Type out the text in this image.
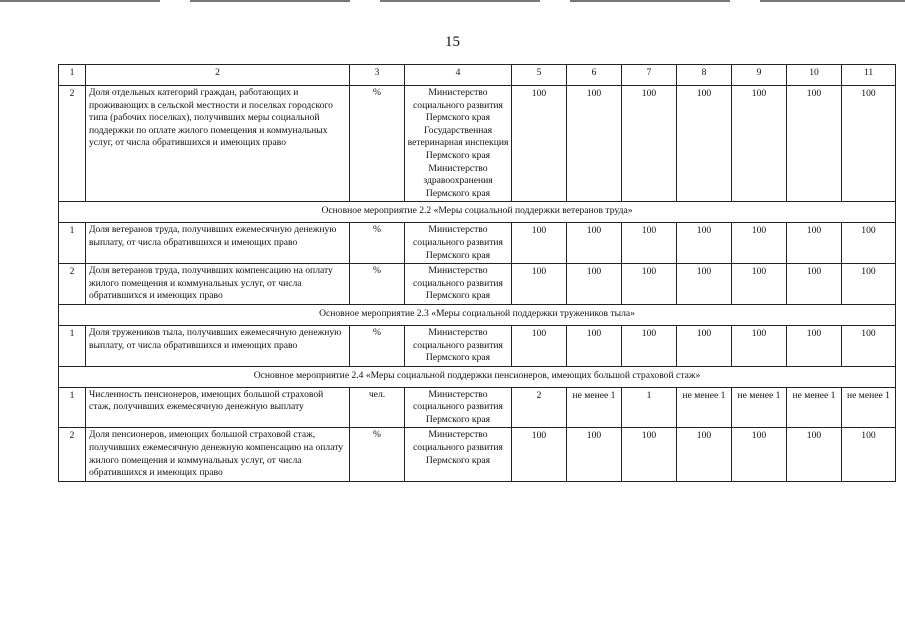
15
1	2	3	4	5	6	7	8	9	10	11
2	Доля отдельных категорий граждан, работающих и проживающих в сельской местности и поселках городского типа (рабочих поселках), получивших меры социальной поддержки по оплате жилого помещения и коммунальных услуг, от числа обратившихся и имеющих право	%	Министерство социального развития Пермского края Государственная ветеринарная инспекция Пермского края Министерство здравоохранения Пермского края	100	100	100	100	100	100	100
Основное мероприятие 2.2 «Меры социальной поддержки ветеранов труда»										
1	Доля ветеранов труда, получивших ежемесячную денежную выплату, от числа обратившихся и имеющих право	%	Министерство социального развития Пермского края	100	100	100	100	100	100	100
2	Доля ветеранов труда, получивших компенсацию на оплату жилого помещения и коммунальных услуг, от числа обратившихся и имеющих право	%	Министерство социального развития Пермского края	100	100	100	100	100	100	100
Основное мероприятие 2.3 «Меры социальной поддержки тружеников тыла»										
1	Доля тружеников тыла, получивших ежемесячную денежную выплату, от числа обратившихся и имеющих право	%	Министерство социального развития Пермского края	100	100	100	100	100	100	100
Основное мероприятие 2.4 «Меры социальной поддержки пенсионеров, имеющих большой страховой стаж»										
1	Численность пенсионеров, имеющих большой страховой стаж, получивших ежемесячную денежную выплату	чел.	Министерство социального развития Пермского края	2	не менее 1	1	не менее 1	не менее 1	не менее 1	не менее 1
2	Доля пенсионеров, имеющих большой страховой стаж, получивших ежемесячную денежную компенсацию на оплату жилого помещения и коммунальных услуг, от числа обратившихся и имеющих право	%	Министерство социального развития Пермского края	100	100	100	100	100	100	100
